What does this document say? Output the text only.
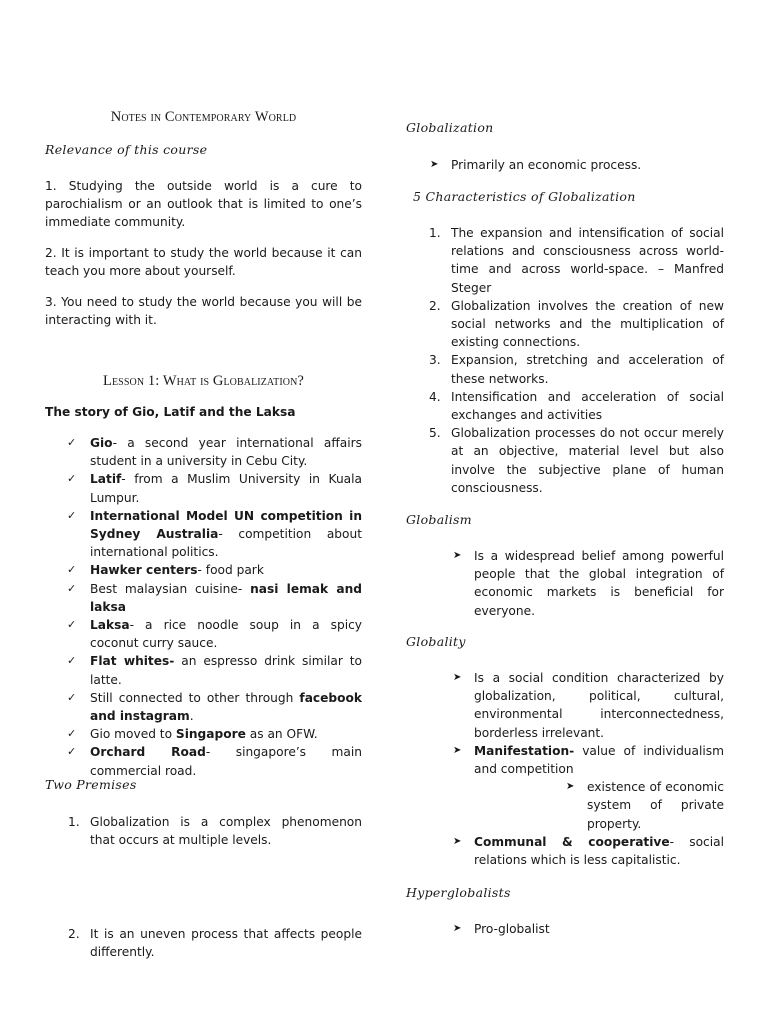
Notes in Contemporary World
Relevance of this course

1. Studying the outside world is a cure to parochialism or an outlook that is limited to one’s immediate community.

2. It is important to study the world because it can teach you more about yourself.

3. You need to study the world because you will be interacting with it.

Lesson 1: What is Globalization?
The story of Gio, Latif and the Laksa
✓ Gio- a second year international affairs student in a university in Cebu City.
✓ Latif- from a Muslim University in Kuala Lumpur.
✓ International Model UN competition in Sydney Australia- competition about international politics.
✓ Hawker centers- food park
✓ Best malaysian cuisine- nasi lemak and laksa
✓ Laksa- a rice noodle soup in a spicy coconut curry sauce.
✓ Flat whites- an espresso drink similar to latte.
✓ Still connected to other through facebook and instagram.
✓ Gio moved to Singapore as an OFW.
✓ Orchard Road- singapore’s main commercial road.
Two Premises
1. Globalization is a complex phenomenon that occurs at multiple levels.
2. It is an uneven process that affects people differently.
Globalization
➤ Primarily an economic process.
5 Characteristics of Globalization
1. The expansion and intensification of social relations and consciousness across world-time and across world-space. – Manfred Steger
2. Globalization involves the creation of new social networks and the multiplication of existing connections.
3. Expansion, stretching and acceleration of these networks.
4. Intensification and acceleration of social exchanges and activities
5. Globalization processes do not occur merely at an objective, material level but also involve the subjective plane of human consciousness.
Globalism
➤ Is a widespread belief among powerful people that the global integration of economic markets is beneficial for everyone.
Globality
➤ Is a social condition characterized by globalization, political, cultural, environmental interconnectedness, borderless irrelevant.
➤ Manifestation- value of individualism and competition
➤ existence of economic system of private property.
➤ Communal & cooperative- social relations which is less capitalistic.
Hyperglobalists
➤ Pro-globalist
